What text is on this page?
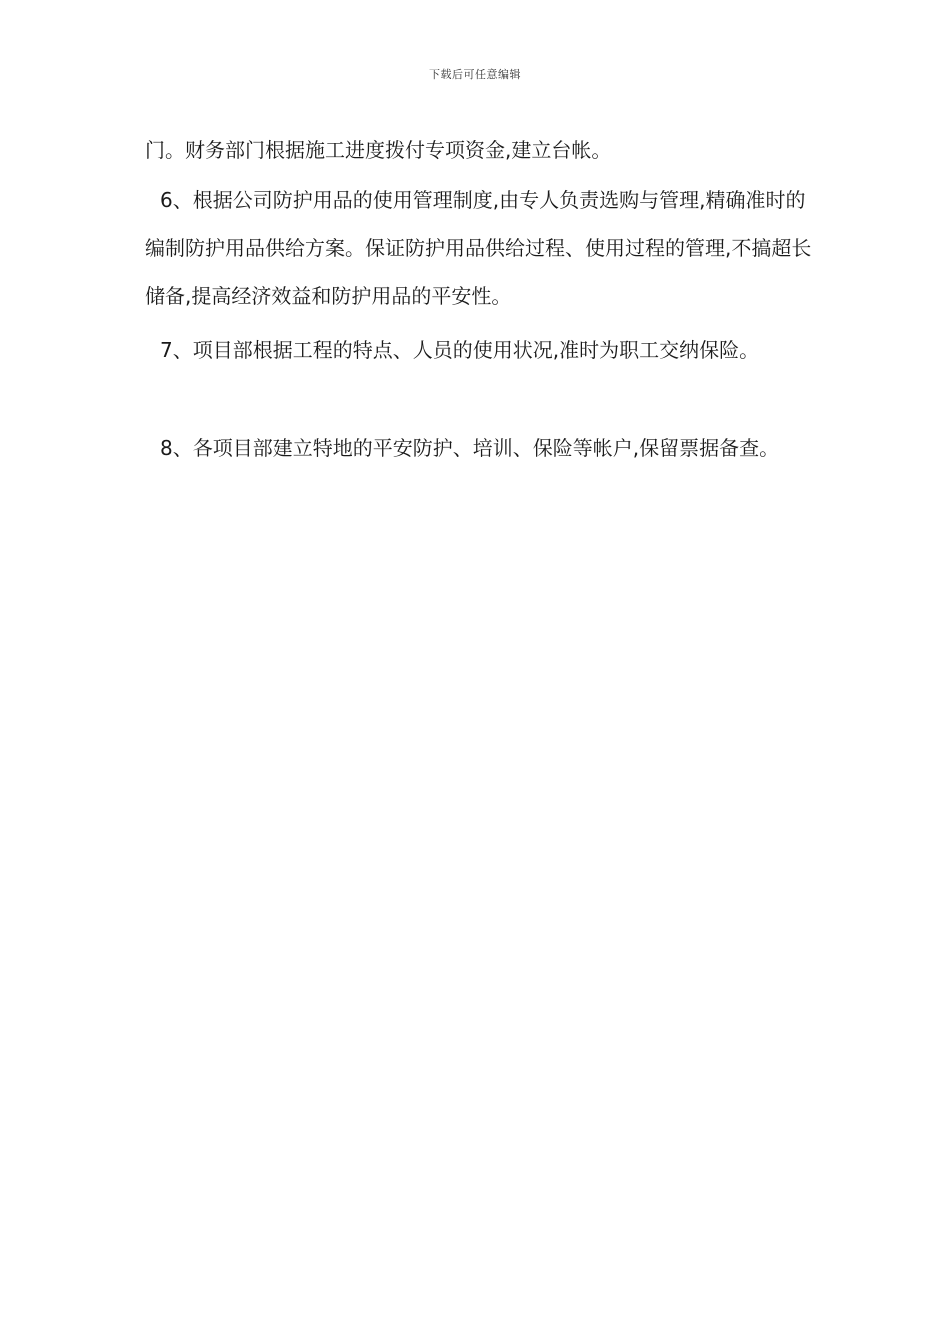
下载后可任意编辑

门。财务部门根据施工进度拨付专项资金,建立台帐。

6、根据公司防护用品的使用管理制度,由专人负责选购与管理,精确准时的编制防护用品供给方案。保证防护用品供给过程、使用过程的管理,不搞超长储备,提高经济效益和防护用品的平安性。

7、项目部根据工程的特点、人员的使用状况,准时为职工交纳保险。

8、各项目部建立特地的平安防护、培训、保险等帐户,保留票据备查。
